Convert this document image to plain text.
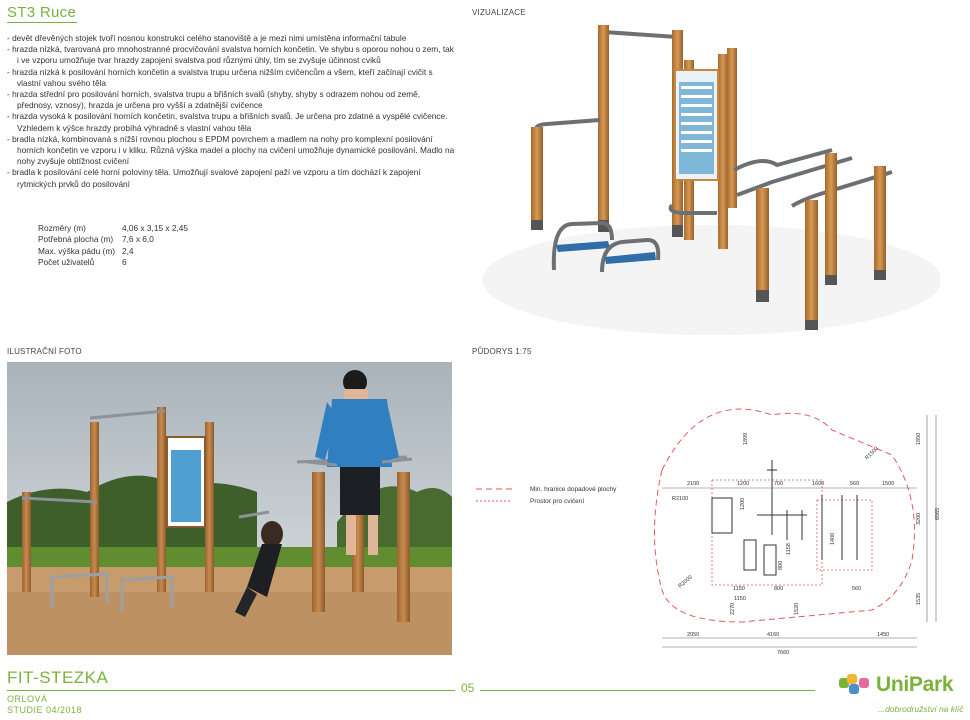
ST3 Ruce
- devět dřevěných stojek tvoří nosnou konstrukci celého stanoviště a je mezi nimi umístěna informační tabule
- hrazda nízká, tvarovaná pro mnohostranné procvičování svalstva horních končetin. Ve shybu s oporou nohou o zem, tak i ve vzporu umožňuje tvar hrazdy zapojení svalstva pod různými úhly, tím se zvyšuje účinnost cviků
- hrazda nízká k posilování horních končetin a svalstva trupu určena nižším cvičencům a všem, kteří začínají cvičit s vlastní vahou svého těla
- hrazda střední pro posilování horních, svalstva trupu a břišních svalů (shyby, shyby s odrazem nohou od země, přednosy, vznosy), hrazda je určena pro vyšší a zdatnější cvičence
- hrazda vysoká k posilování horních končetin, svalstva trupu a břišních svalů. Je určena pro zdatné a vyspělé cvičence. Vzhledem k výšce hrazdy probíhá výhradně s vlastní vahou těla
- bradla nízká, kombinovaná s nížší rovnou plochou s EPDM povrchem a madlem na nohy pro komplexní posilování horních končetin ve vzporu i v kliku. Různá výška madel a plochy na cvičení umožňuje dynamické posilování. Madlo na nohy zvyšuje obtížnost cvičení
- bradla k posilování celé horní poloviny těla. Umožňují svalové zapojení paží ve vzporu a tím dochází k zapojení rytmických prvků do posilování
Rozměry (m)	4,06 x 3,15 x 2,45
Potřebná plocha (m)	7,6 x 6,0
Max. výška pádu (m) 2,4
Počet uživatelů	6
VIZUALIZACE
ILUSTRAČNÍ FOTO	PŮDORYS 1:75
Min. hranice dopadové plochy
Prostor pro cvičení
2100	1200	700	1600	560	1500
2050	4160	1450
7660
1850
3200
1535
6565
1150	800
1520
560
1899
1200
1400
1158
800
1150
2270
R2100
R2000
R1500
FIT-STEZKA
ORLOVÁ
STUDIE 04/2018
05	UniPark
...dobrodružství na klíč
